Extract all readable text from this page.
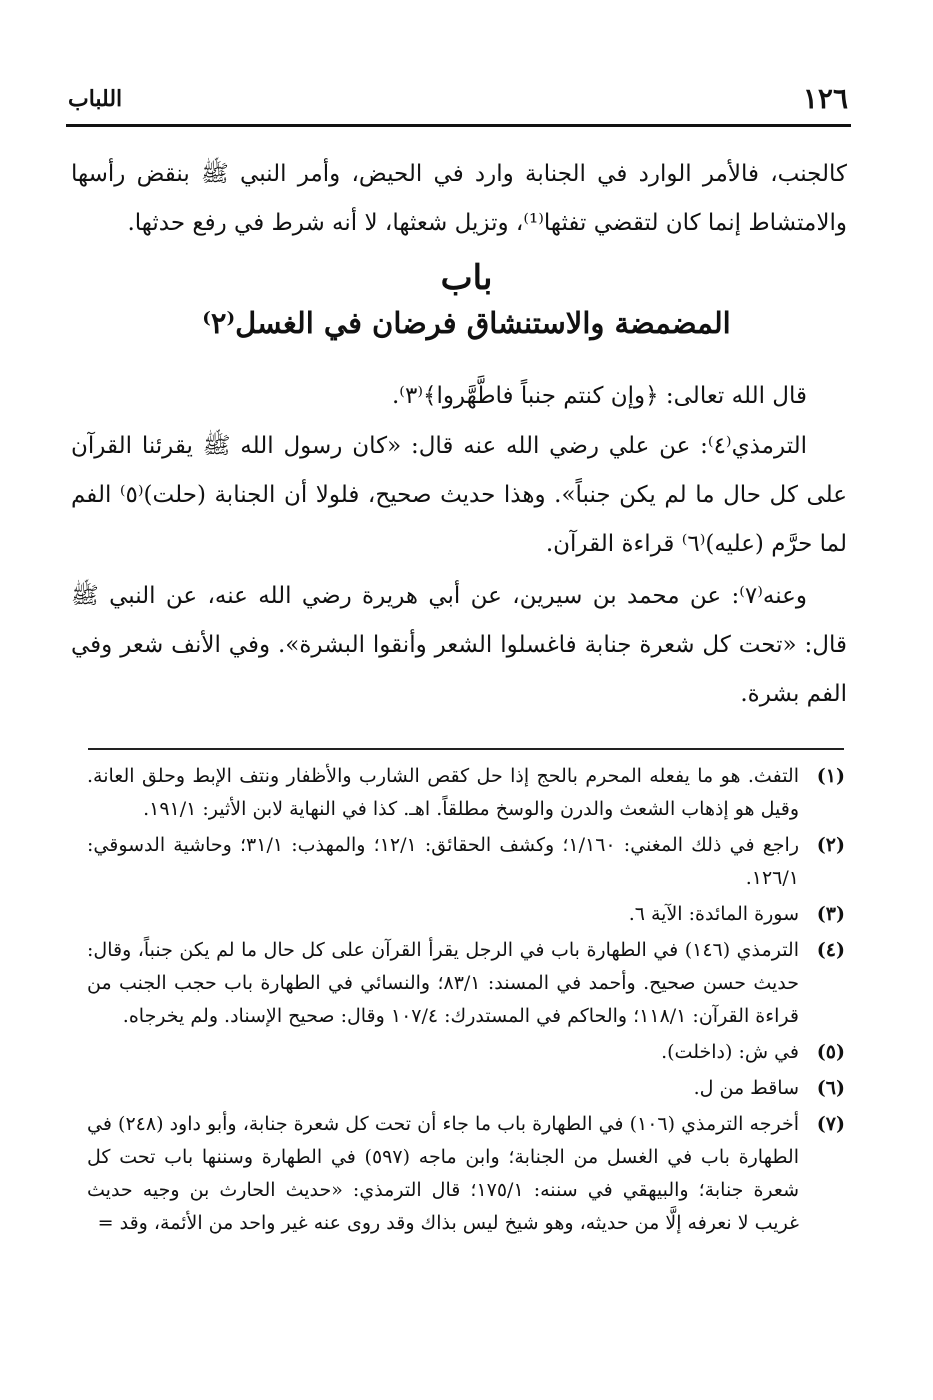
١٢٦
اللباب
كالجنب، فالأمر الوارد في الجنابة وارد في الحيض، وأمر النبي ﷺ بنقض رأسها والامتشاط إنما كان لتقضي تفثها⁽¹⁾، وتزيل شعثها، لا أنه شرط في رفع حدثها.
باب
المضمضة والاستنشاق فرضان في الغسل⁽٢⁾
قال الله تعالى: ﴿وإن كنتم جنباً فاطَّهَّروا﴾⁽٣⁾.
الترمذي⁽٤⁾: عن علي رضي الله عنه قال: «كان رسول الله ﷺ يقرئنا القرآن على كل حال ما لم يكن جنباً». وهذا حديث صحيح، فلولا أن الجنابة (حلت)⁽٥⁾ الفم لما حرَّم (عليه)⁽٦⁾ قراءة القرآن.
وعنه⁽٧⁾: عن محمد بن سيرين، عن أبي هريرة رضي الله عنه، عن النبي ﷺ قال: «تحت كل شعرة جنابة فاغسلوا الشعر وأنقوا البشرة». وفي الأنف شعر وفي الفم بشرة.
(١)
التفث. هو ما يفعله المحرم بالحج إذا حل كقص الشارب والأظفار ونتف الإبط وحلق العانة. وقيل هو إذهاب الشعث والدرن والوسخ مطلقاً. اهـ. كذا في النهاية لابن الأثير: ١٩١/١.
(٢)
راجع في ذلك المغني: ١/١٦٠؛ وكشف الحقائق: ١٢/١؛ والمهذب: ٣١/١؛ وحاشية الدسوقي: ١٢٦/١.
(٣)
سورة المائدة: الآية ٦.
(٤)
الترمذي (١٤٦) في الطهارة باب في الرجل يقرأ القرآن على كل حال ما لم يكن جنباً، وقال: حديث حسن صحيح. وأحمد في المسند: ٨٣/١؛ والنسائي في الطهارة باب حجب الجنب من قراءة القرآن: ١١٨/١؛ والحاكم في المستدرك: ١٠٧/٤ وقال: صحيح الإسناد. ولم يخرجاه.
(٥)
في ش: (داخلت).
(٦)
ساقط من ل.
(٧)
أخرجه الترمذي (١٠٦) في الطهارة باب ما جاء أن تحت كل شعرة جنابة، وأبو داود (٢٤٨) في الطهارة باب في الغسل من الجنابة؛ وابن ماجه (٥٩٧) في الطهارة وسننها باب تحت كل شعرة جنابة؛ والبيهقي في سننه: ١٧٥/١؛ قال الترمذي: «حديث الحارث بن وجيه حديث غريب لا نعرفه إلَّا من حديثه، وهو شيخ ليس بذاك وقد روى عنه غير واحد من الأئمة، وقد =
